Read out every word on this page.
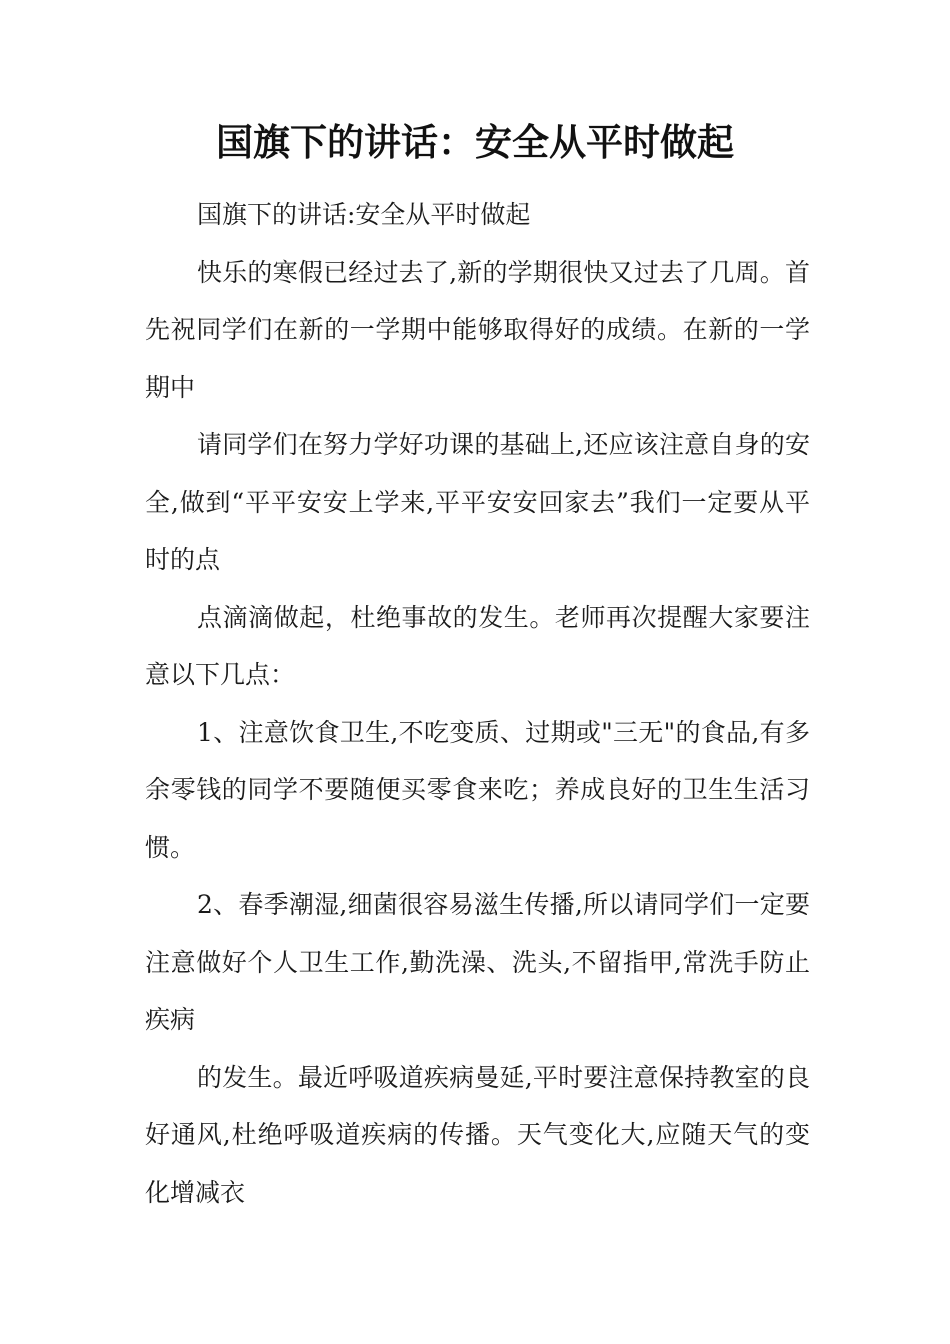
国旗下的讲话：安全从平时做起

国旗下的讲话:安全从平时做起

快乐的寒假已经过去了,新的学期很快又过去了几周。首先祝同学们在新的一学期中能够取得好的成绩。在新的一学期中

请同学们在努力学好功课的基础上,还应该注意自身的安全,做到“平平安安上学来,平平安安回家去”我们一定要从平时的点

点滴滴做起，杜绝事故的发生。老师再次提醒大家要注意以下几点：

1、注意饮食卫生,不吃变质、过期或"三无"的食品,有多余零钱的同学不要随便买零食来吃；养成良好的卫生生活习惯。

2、春季潮湿,细菌很容易滋生传播,所以请同学们一定要注意做好个人卫生工作,勤洗澡、洗头,不留指甲,常洗手防止疾病

的发生。最近呼吸道疾病曼延,平时要注意保持教室的良好通风,杜绝呼吸道疾病的传播。天气变化大,应随天气的变化增减衣
